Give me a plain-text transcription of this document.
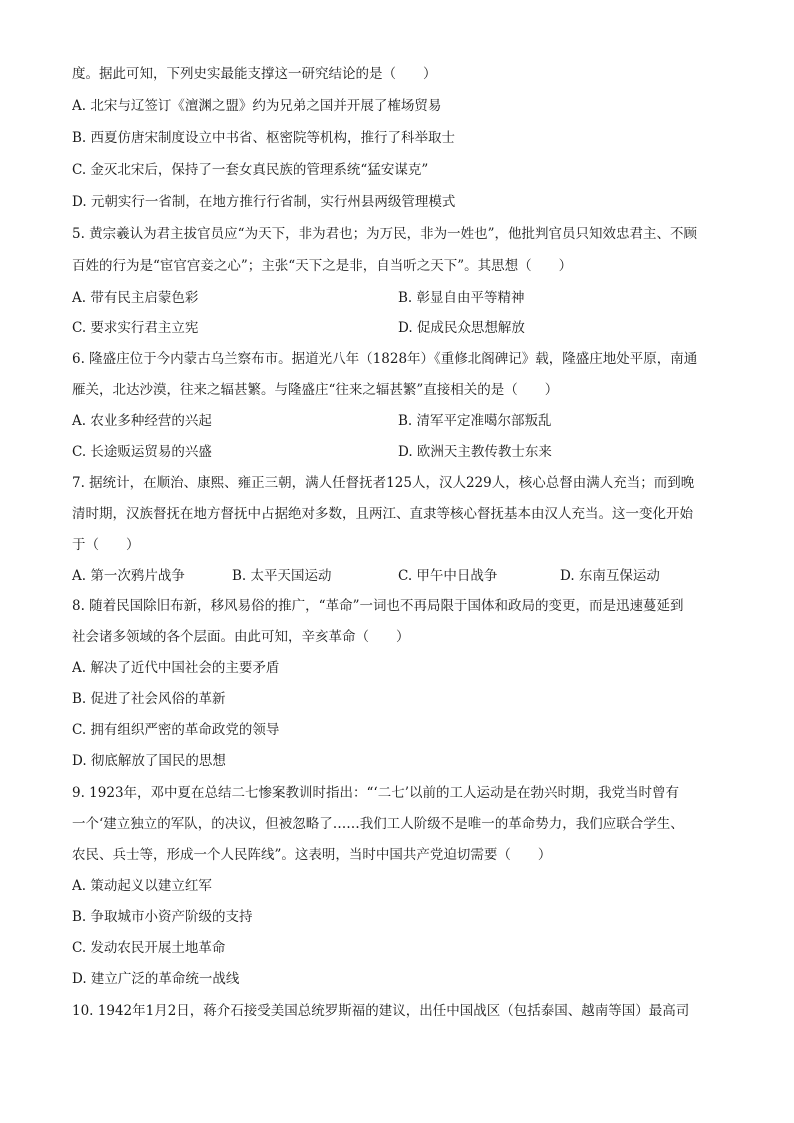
度。据此可知，下列史实最能支撑这一研究结论的是（　　）
A. 北宋与辽签订《澶渊之盟》约为兄弟之国并开展了榷场贸易
B. 西夏仿唐宋制度设立中书省、枢密院等机构，推行了科举取士
C. 金灭北宋后，保持了一套女真民族的管理系统“猛安谋克”
D. 元朝实行一省制，在地方推行行省制，实行州县两级管理模式
5. 黄宗羲认为君主拔官员应“为天下，非为君也；为万民，非为一姓也”，他批判官员只知效忠君主、不顾
百姓的行为是“宦官宫妾之心”；主张“天下之是非，自当听之天下”。其思想（　　）
A. 带有民主启蒙色彩	B. 彰显自由平等精神
C. 要求实行君主立宪	D. 促成民众思想解放
6. 隆盛庄位于今内蒙古乌兰察布市。据道光八年（1828年）《重修北阁碑记》载，隆盛庄地处平原，南通
雁关，北达沙漠，往来之辐甚繁。与隆盛庄“往来之辐甚繁”直接相关的是（　　）
A. 农业多种经营的兴起	B. 清军平定准噶尔部叛乱
C. 长途贩运贸易的兴盛	D. 欧洲天主教传教士东来
7. 据统计，在顺治、康熙、雍正三朝，满人任督抚者125人，汉人229人，核心总督由满人充当；而到晚
清时期，汉族督抚在地方督抚中占据绝对多数，且两江、直隶等核心督抚基本由汉人充当。这一变化开始
于（　　）
A. 第一次鸦片战争	B. 太平天国运动	C. 甲午中日战争	D. 东南互保运动
8. 随着民国除旧布新，移风易俗的推广，“革命”一词也不再局限于国体和政局的变更，而是迅速蔓延到
社会诸多领域的各个层面。由此可知，辛亥革命（　　）
A. 解决了近代中国社会的主要矛盾
B. 促进了社会风俗的革新
C. 拥有组织严密的革命政党的领导
D. 彻底解放了国民的思想
9. 1923年，邓中夏在总结二七惨案教训时指出：“‘二七’以前的工人运动是在勃兴时期，我党当时曾有
一个‘建立独立的军队，的决议，但被忽略了……我们工人阶级不是唯一的革命势力，我们应联合学生、
农民、兵士等，形成一个人民阵线”。这表明，当时中国共产党迫切需要（　　）
A. 策动起义以建立红军
B. 争取城市小资产阶级的支持
C. 发动农民开展土地革命
D. 建立广泛的革命统一战线
10. 1942年1月2日，蒋介石接受美国总统罗斯福的建议，出任中国战区（包括泰国、越南等国）最高司
